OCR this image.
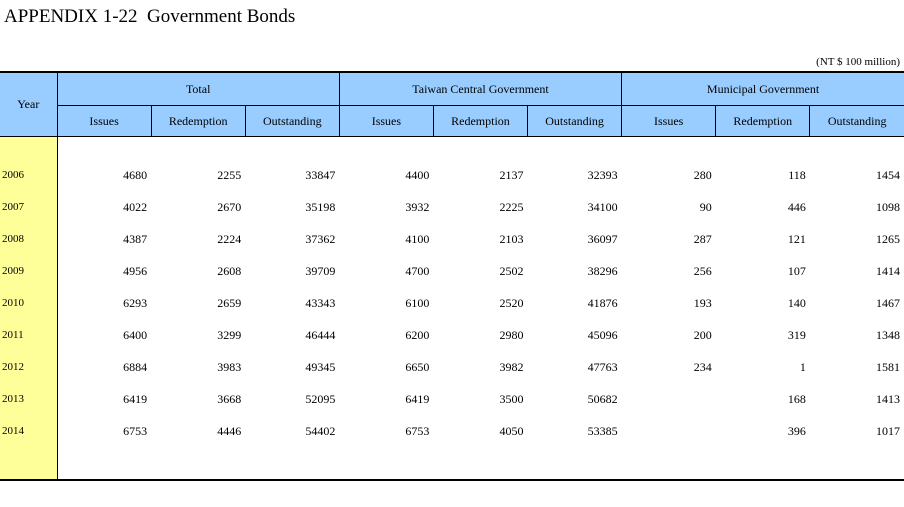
APPENDIX 1-22  Government Bonds
(NT $ 100 million)
Year	Total			Taiwan Central Government			Municipal Government		
	Issues	Redemption	Outstanding	Issues	Redemption	Outstanding	Issues	Redemption	Outstanding

2006	4680	2255	33847	4400	2137	32393	280	118	1454
2007	4022	2670	35198	3932	2225	34100	90	446	1098
2008	4387	2224	37362	4100	2103	36097	287	121	1265
2009	4956	2608	39709	4700	2502	38296	256	107	1414
2010	6293	2659	43343	6100	2520	41876	193	140	1467
2011	6400	3299	46444	6200	2980	45096	200	319	1348
2012	6884	3983	49345	6650	3982	47763	234	1	1581
2013	6419	3668	52095	6419	3500	50682		168	1413
2014	6753	4446	54402	6753	4050	53385		396	1017
